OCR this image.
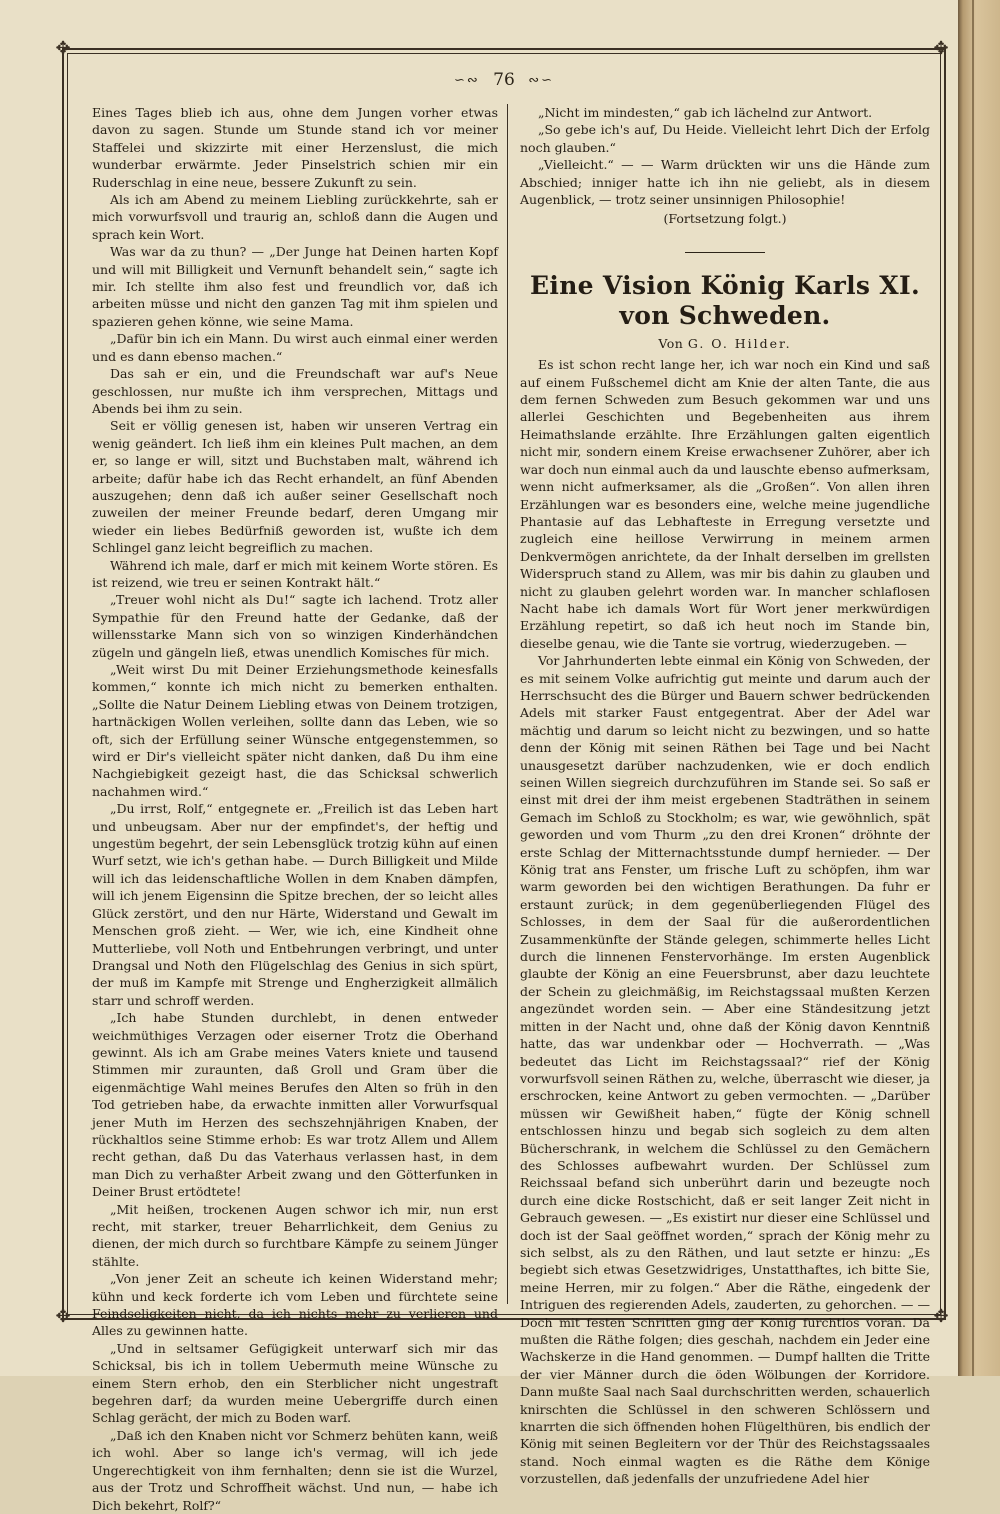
✥	✥
✥	✥
∽∾ 76 ∾∽

Eines Tages blieb ich aus, ohne dem Jungen vorher etwas davon zu sagen. Stunde um Stunde stand ich vor meiner Staffelei und skizzirte mit einer Herzenslust, die mich wunderbar erwärmte. Jeder Pinselstrich schien mir ein Ruderschlag in eine neue, bessere Zukunft zu sein.

Als ich am Abend zu meinem Liebling zurückkehrte, sah er mich vorwurfsvoll und traurig an, schloß dann die Augen und sprach kein Wort.

Was war da zu thun? — „Der Junge hat Deinen harten Kopf und will mit Billigkeit und Vernunft behandelt sein,“ sagte ich mir. Ich stellte ihm also fest und freundlich vor, daß ich arbeiten müsse und nicht den ganzen Tag mit ihm spielen und spazieren gehen könne, wie seine Mama.

„Dafür bin ich ein Mann. Du wirst auch einmal einer werden und es dann ebenso machen.“

Das sah er ein, und die Freundschaft war auf's Neue geschlossen, nur mußte ich ihm versprechen, Mittags und Abends bei ihm zu sein.

Seit er völlig genesen ist, haben wir unseren Vertrag ein wenig geändert. Ich ließ ihm ein kleines Pult machen, an dem er, so lange er will, sitzt und Buchstaben malt, während ich arbeite; dafür habe ich das Recht erhandelt, an fünf Abenden auszugehen; denn daß ich außer seiner Gesellschaft noch zuweilen der meiner Freunde bedarf, deren Umgang mir wieder ein liebes Bedürfniß geworden ist, wußte ich dem Schlingel ganz leicht begreiflich zu machen.

Während ich male, darf er mich mit keinem Worte stören. Es ist reizend, wie treu er seinen Kontrakt hält.“

„Treuer wohl nicht als Du!“ sagte ich lachend. Trotz aller Sympathie für den Freund hatte der Gedanke, daß der willensstarke Mann sich von so winzigen Kinderhändchen zügeln und gängeln ließ, etwas unendlich Komisches für mich.

„Weit wirst Du mit Deiner Erziehungsmethode keinesfalls kommen,“ konnte ich mich nicht zu bemerken enthalten. „Sollte die Natur Deinem Liebling etwas von Deinem trotzigen, hartnäckigen Wollen verleihen, sollte dann das Leben, wie so oft, sich der Erfüllung seiner Wünsche entgegenstemmen, so wird er Dir's vielleicht später nicht danken, daß Du ihm eine Nachgiebigkeit gezeigt hast, die das Schicksal schwerlich nachahmen wird.“

„Du irrst, Rolf,“ entgegnete er. „Freilich ist das Leben hart und unbeugsam. Aber nur der empfindet's, der heftig und ungestüm begehrt, der sein Lebensglück trotzig kühn auf einen Wurf setzt, wie ich's gethan habe. — Durch Billigkeit und Milde will ich das leidenschaftliche Wollen in dem Knaben dämpfen, will ich jenem Eigensinn die Spitze brechen, der so leicht alles Glück zerstört, und den nur Härte, Widerstand und Gewalt im Menschen groß zieht. — Wer, wie ich, eine Kindheit ohne Mutterliebe, voll Noth und Entbehrungen verbringt, und unter Drangsal und Noth den Flügelschlag des Genius in sich spürt, der muß im Kampfe mit Strenge und Engherzigkeit allmälich starr und schroff werden.

„Ich habe Stunden durchlebt, in denen entweder weichmüthiges Verzagen oder eiserner Trotz die Oberhand gewinnt. Als ich am Grabe meines Vaters kniete und tausend Stimmen mir zuraunten, daß Groll und Gram über die eigenmächtige Wahl meines Berufes den Alten so früh in den Tod getrieben habe, da erwachte inmitten aller Vorwurfsqual jener Muth im Herzen des sechszehnjährigen Knaben, der rückhaltlos seine Stimme erhob: Es war trotz Allem und Allem recht gethan, daß Du das Vaterhaus verlassen hast, in dem man Dich zu verhaßter Arbeit zwang und den Götterfunken in Deiner Brust ertödtete!

„Mit heißen, trockenen Augen schwor ich mir, nun erst recht, mit starker, treuer Beharrlichkeit, dem Genius zu dienen, der mich durch so furchtbare Kämpfe zu seinem Jünger stählte.

„Von jener Zeit an scheute ich keinen Widerstand mehr; kühn und keck forderte ich vom Leben und fürchtete seine Feindseligkeiten nicht, da ich nichts mehr zu verlieren und Alles zu gewinnen hatte.

„Und in seltsamer Gefügigkeit unterwarf sich mir das Schicksal, bis ich in tollem Uebermuth meine Wünsche zu einem Stern erhob, den ein Sterblicher nicht ungestraft begehren darf; da wurden meine Uebergriffe durch einen Schlag gerächt, der mich zu Boden warf.

„Daß ich den Knaben nicht vor Schmerz behüten kann, weiß ich wohl. Aber so lange ich's vermag, will ich jede Ungerechtigkeit von ihm fernhalten; denn sie ist die Wurzel, aus der Trotz und Schroffheit wächst. Und nun, — habe ich Dich bekehrt, Rolf?“

„Nicht im mindesten,“ gab ich lächelnd zur Antwort.

„So gebe ich's auf, Du Heide. Vielleicht lehrt Dich der Erfolg noch glauben.“

„Vielleicht.“ — — Warm drückten wir uns die Hände zum Abschied; inniger hatte ich ihn nie geliebt, als in diesem Augenblick, — trotz seiner unsinnigen Philosophie!

(Fortsetzung folgt.)
Eine Vision König Karls XI. von Schweden.
Von G. O. Hilder.

Es ist schon recht lange her, ich war noch ein Kind und saß auf einem Fußschemel dicht am Knie der alten Tante, die aus dem fernen Schweden zum Besuch gekommen war und uns allerlei Geschichten und Begebenheiten aus ihrem Heimathslande erzählte. Ihre Erzählungen galten eigentlich nicht mir, sondern einem Kreise erwachsener Zuhörer, aber ich war doch nun einmal auch da und lauschte ebenso aufmerksam, wenn nicht aufmerksamer, als die „Großen“. Von allen ihren Erzählungen war es besonders eine, welche meine jugendliche Phantasie auf das Lebhafteste in Erregung versetzte und zugleich eine heillose Verwirrung in meinem armen Denkvermögen anrichtete, da der Inhalt derselben im grellsten Widerspruch stand zu Allem, was mir bis dahin zu glauben und nicht zu glauben gelehrt worden war. In mancher schlaflosen Nacht habe ich damals Wort für Wort jener merkwürdigen Erzählung repetirt, so daß ich heut noch im Stande bin, dieselbe genau, wie die Tante sie vortrug, wiederzugeben. —

Vor Jahrhunderten lebte einmal ein König von Schweden, der es mit seinem Volke aufrichtig gut meinte und darum auch der Herrschsucht des die Bürger und Bauern schwer bedrückenden Adels mit starker Faust entgegentrat. Aber der Adel war mächtig und darum so leicht nicht zu bezwingen, und so hatte denn der König mit seinen Räthen bei Tage und bei Nacht unausgesetzt darüber nachzudenken, wie er doch endlich seinen Willen siegreich durchzuführen im Stande sei. So saß er einst mit drei der ihm meist ergebenen Stadträthen in seinem Gemach im Schloß zu Stockholm; es war, wie gewöhnlich, spät geworden und vom Thurm „zu den drei Kronen“ dröhnte der erste Schlag der Mitternachtsstunde dumpf hernieder. — Der König trat ans Fenster, um frische Luft zu schöpfen, ihm war warm geworden bei den wichtigen Berathungen. Da fuhr er erstaunt zurück; in dem gegenüberliegenden Flügel des Schlosses, in dem der Saal für die außerordentlichen Zusammenkünfte der Stände gelegen, schimmerte helles Licht durch die linnenen Fenstervorhänge. Im ersten Augenblick glaubte der König an eine Feuersbrunst, aber dazu leuchtete der Schein zu gleichmäßig, im Reichstagssaal mußten Kerzen angezündet worden sein. — Aber eine Ständesitzung jetzt mitten in der Nacht und, ohne daß der König davon Kenntniß hatte, das war undenkbar oder — Hochverrath. — „Was bedeutet das Licht im Reichstagssaal?“ rief der König vorwurfsvoll seinen Räthen zu, welche, überrascht wie dieser, ja erschrocken, keine Antwort zu geben vermochten. — „Darüber müssen wir Gewißheit haben,“ fügte der König schnell entschlossen hinzu und begab sich sogleich zu dem alten Bücherschrank, in welchem die Schlüssel zu den Gemächern des Schlosses aufbewahrt wurden. Der Schlüssel zum Reichssaal befand sich unberührt darin und bezeugte noch durch eine dicke Rostschicht, daß er seit langer Zeit nicht in Gebrauch gewesen. — „Es existirt nur dieser eine Schlüssel und doch ist der Saal geöffnet worden,“ sprach der König mehr zu sich selbst, als zu den Räthen, und laut setzte er hinzu: „Es begiebt sich etwas Gesetzwidriges, Unstatthaftes, ich bitte Sie, meine Herren, mir zu folgen.“ Aber die Räthe, eingedenk der Intriguen des regierenden Adels, zauderten, zu gehorchen. — — Doch mit festen Schritten ging der König furchtlos voran. Da mußten die Räthe folgen; dies geschah, nachdem ein Jeder eine Wachskerze in die Hand genommen. — Dumpf hallten die Tritte der vier Männer durch die öden Wölbungen der Korridore. Dann mußte Saal nach Saal durchschritten werden, schauerlich knirschten die Schlüssel in den schweren Schlössern und knarrten die sich öffnenden hohen Flügelthüren, bis endlich der König mit seinen Begleitern vor der Thür des Reichstagssaales stand. Noch einmal wagten es die Räthe dem Könige vorzustellen, daß jedenfalls der unzufriedene Adel hier
